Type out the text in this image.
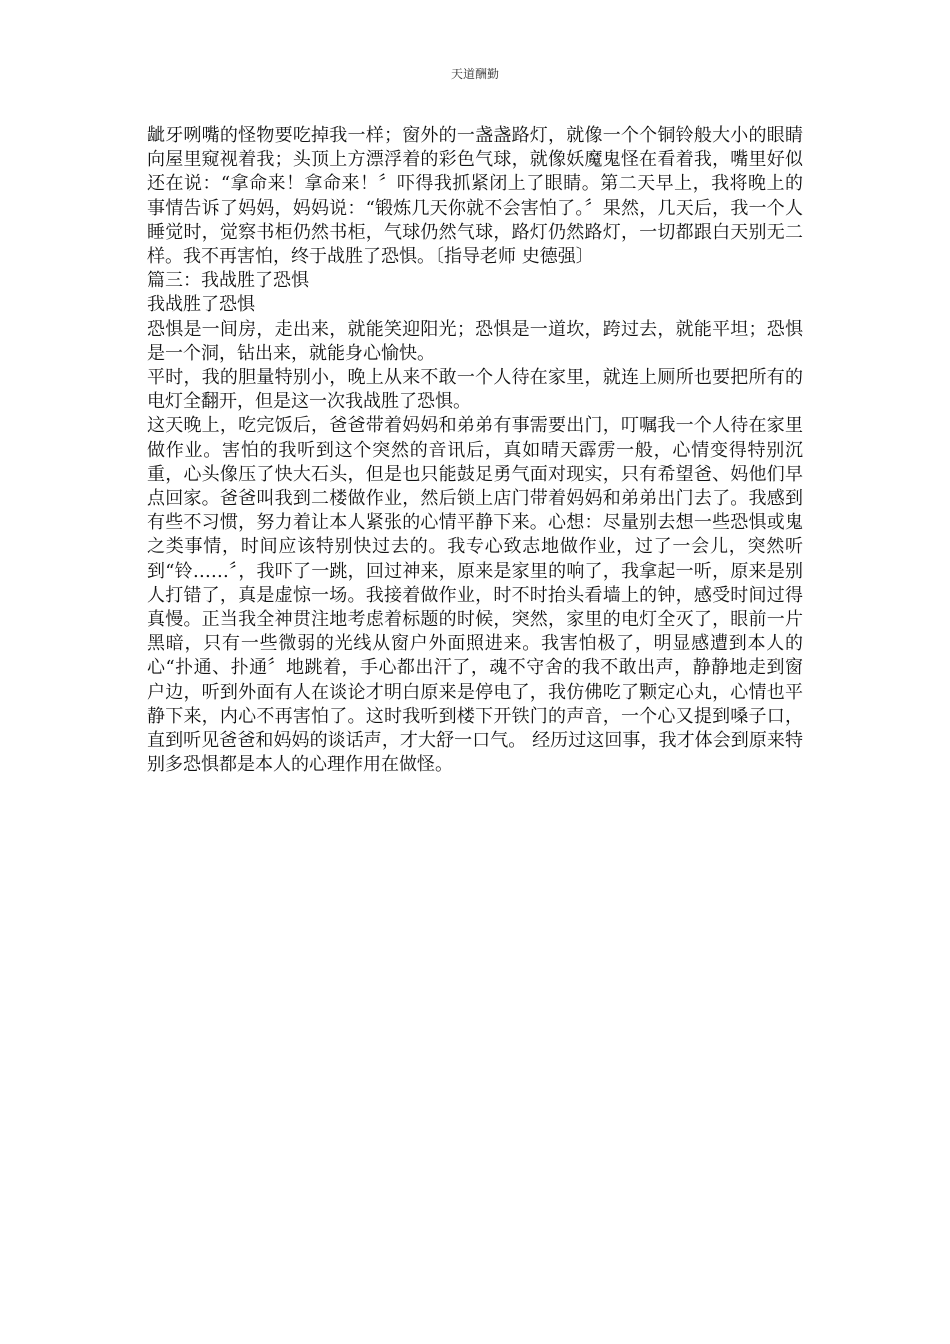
天道酬勤

龇牙咧嘴的怪物要吃掉我一样；窗外的一盏盏路灯，就像一个个铜铃般大小的眼睛向屋里窥视着我；头顶上方漂浮着的彩色气球，就像妖魔鬼怪在看着我，嘴里好似还在说：“拿命来！拿命来！〞吓得我抓紧闭上了眼睛。第二天早上，我将晚上的事情告诉了妈妈，妈妈说：“锻炼几天你就不会害怕了。〞果然，几天后，我一个人睡觉时，觉察书柜仍然书柜，气球仍然气球，路灯仍然路灯，一切都跟白天别无二样。我不再害怕，终于战胜了恐惧。〔指导老师 史德强〕

篇三：我战胜了恐惧

我战胜了恐惧

恐惧是一间房，走出来，就能笑迎阳光；恐惧是一道坎，跨过去，就能平坦；恐惧是一个洞，钻出来，就能身心愉快。

平时，我的胆量特别小，晚上从来不敢一个人待在家里，就连上厕所也要把所有的电灯全翻开，但是这一次我战胜了恐惧。

这天晚上，吃完饭后，爸爸带着妈妈和弟弟有事需要出门，叮嘱我一个人待在家里做作业。害怕的我听到这个突然的音讯后，真如晴天霹雳一般，心情变得特别沉重，心头像压了快大石头，但是也只能鼓足勇气面对现实，只有希望爸、妈他们早点回家。爸爸叫我到二楼做作业，然后锁上店门带着妈妈和弟弟出门去了。我感到有些不习惯，努力着让本人紧张的心情平静下来。心想：尽量别去想一些恐惧或鬼之类事情，时间应该特别快过去的。我专心致志地做作业，过了一会儿，突然听到“铃……〞，我吓了一跳，回过神来，原来是家里的响了，我拿起一听，原来是别人打错了，真是虚惊一场。我接着做作业，时不时抬头看墙上的钟，感受时间过得真慢。正当我全神贯注地考虑着标题的时候，突然，家里的电灯全灭了，眼前一片黑暗，只有一些微弱的光线从窗户外面照进来。我害怕极了，明显感遭到本人的心“扑通、扑通〞地跳着，手心都出汗了，魂不守舍的我不敢出声，静静地走到窗户边，听到外面有人在谈论才明白原来是停电了，我仿佛吃了颗定心丸，心情也平静下来，内心不再害怕了。这时我听到楼下开铁门的声音，一个心又提到嗓子口，直到听见爸爸和妈妈的谈话声，才大舒一口气。 经历过这回事，我才体会到原来特别多恐惧都是本人的心理作用在做怪。
